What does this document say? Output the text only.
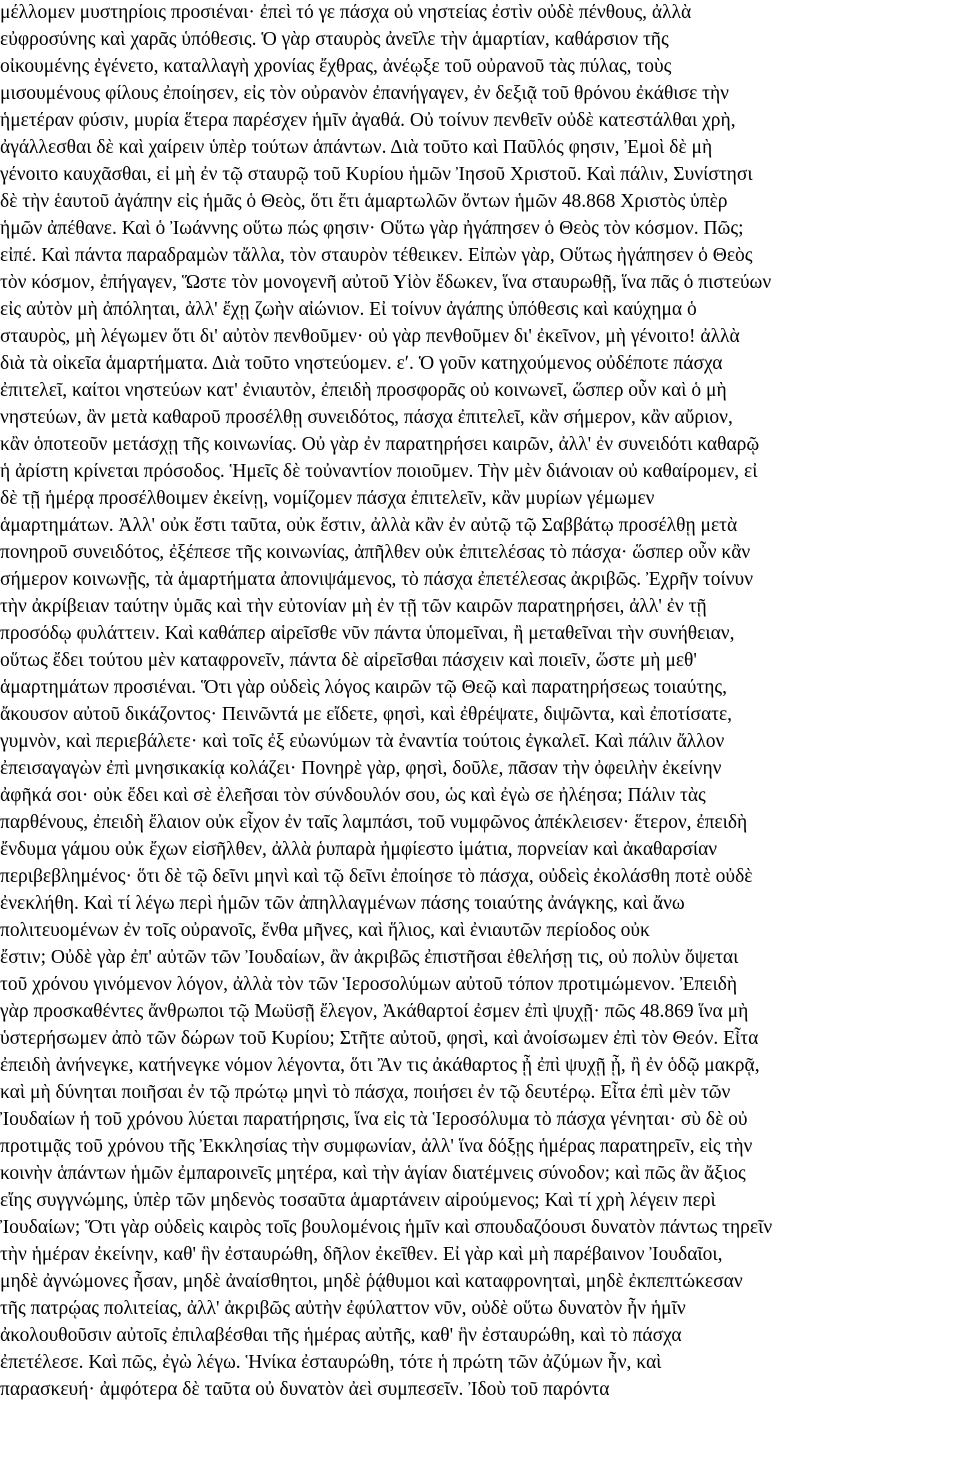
μέλλομεν μυστηρίοις προσιέναι· ἐπεὶ τό γε πάσχα οὐ νηστείας ἐστὶν οὐδὲ πένθους, ἀλλὰ
εὐφροσύνης καὶ χαρᾶς ὑπόθεσις. Ὁ γὰρ σταυρὸς ἀνεῖλε τὴν ἁμαρτίαν, καθάρσιον τῆς
οἰκουμένης ἐγένετο, καταλλαγὴ χρονίας ἔχθρας, ἀνέῳξε τοῦ οὐρανοῦ τὰς πύλας, τοὺς
μισουμένους φίλους ἐποίησεν, εἰς τὸν οὐρανὸν ἐπανήγαγεν, ἐν δεξιᾷ τοῦ θρόνου ἐκάθισε τὴν
ἡμετέραν φύσιν, μυρία ἕτερα παρέσχεν ἡμῖν ἀγαθά. Οὐ τοίνυν πενθεῖν οὐδὲ κατεστάλθαι χρὴ,
ἀγάλλεσθαι δὲ καὶ χαίρειν ὑπὲρ τούτων ἁπάντων. Διὰ τοῦτο καὶ Παῦλός φησιν, Ἐμοὶ δὲ μὴ
γένοιτο καυχᾶσθαι, εἰ μὴ ἐν τῷ σταυρῷ τοῦ Κυρίου ἡμῶν Ἰησοῦ Χριστοῦ. Καὶ πάλιν, Συνίστησι
δὲ τὴν ἑαυτοῦ ἀγάπην εἰς ἡμᾶς ὁ Θεὸς, ὅτι ἔτι ἁμαρτωλῶν ὄντων ἡμῶν 48.868 Χριστὸς ὑπὲρ
ἡμῶν ἀπέθανε. Καὶ ὁ Ἰωάννης οὕτω πώς φησιν· Οὕτω γὰρ ἠγάπησεν ὁ Θεὸς τὸν κόσμον. Πῶς;
εἰπέ. Καὶ πάντα παραδραμὼν τἄλλα, τὸν σταυρὸν τέθεικεν. Εἰπὼν γὰρ, Οὕτως ἠγάπησεν ὁ Θεὸς
τὸν κόσμον, ἐπήγαγεν, Ὥστε τὸν μονογενῆ αὐτοῦ Υἱὸν ἔδωκεν, ἵνα σταυρωθῇ, ἵνα πᾶς ὁ πιστεύων
εἰς αὐτὸν μὴ ἀπόληται, ἀλλ' ἔχῃ ζωὴν αἰώνιον. Εἰ τοίνυν ἀγάπης ὑπόθεσις καὶ καύχημα ὁ
σταυρὸς, μὴ λέγωμεν ὅτι δι' αὐτὸν πενθοῦμεν· οὐ γὰρ πενθοῦμεν δι' ἐκεῖνον, μὴ γένοιτο! ἀλλὰ
διὰ τὰ οἰκεῖα ἁμαρτήματα. Διὰ τοῦτο νηστεύομεν. εʹ. Ὁ γοῦν κατηχούμενος οὐδέποτε πάσχα
ἐπιτελεῖ, καίτοι νηστεύων κατ' ἐνιαυτὸν, ἐπειδὴ προσφορᾶς οὐ κοινωνεῖ, ὥσπερ οὖν καὶ ὁ μὴ
νηστεύων, ἂν μετὰ καθαροῦ προσέλθῃ συνειδότος, πάσχα ἐπιτελεῖ, κἂν σήμερον, κἂν αὔριον,
κἂν ὁποτεοῦν μετάσχῃ τῆς κοινωνίας. Οὐ γὰρ ἐν παρατηρήσει καιρῶν, ἀλλ' ἐν συνειδότι καθαρῷ
ἡ ἀρίστη κρίνεται πρόσοδος. Ἡμεῖς δὲ τοὐναντίον ποιοῦμεν. Τὴν μὲν διάνοιαν οὐ καθαίρομεν, εἰ
δὲ τῇ ἡμέρᾳ προσέλθοιμεν ἐκείνῃ, νομίζομεν πάσχα ἐπιτελεῖν, κἂν μυρίων γέμωμεν
ἁμαρτημάτων. Ἀλλ' οὐκ ἔστι ταῦτα, οὐκ ἔστιν, ἀλλὰ κἂν ἐν αὐτῷ τῷ Σαββάτῳ προσέλθῃ μετὰ
πονηροῦ συνειδότος, ἐξέπεσε τῆς κοινωνίας, ἀπῆλθεν οὐκ ἐπιτελέσας τὸ πάσχα· ὥσπερ οὖν κἂν
σήμερον κοινωνῇς, τὰ ἁμαρτήματα ἀπονιψάμενος, τὸ πάσχα ἐπετέλεσας ἀκριβῶς. Ἐχρῆν τοίνυν
τὴν ἀκρίβειαν ταύτην ὑμᾶς καὶ τὴν εὐτονίαν μὴ ἐν τῇ τῶν καιρῶν παρατηρήσει, ἀλλ' ἐν τῇ
προσόδῳ φυλάττειν. Καὶ καθάπερ αἱρεῖσθε νῦν πάντα ὑπομεῖναι, ἢ μεταθεῖναι τὴν συνήθειαν,
οὕτως ἔδει τούτου μὲν καταφρονεῖν, πάντα δὲ αἱρεῖσθαι πάσχειν καὶ ποιεῖν, ὥστε μὴ μεθ'
ἁμαρτημάτων προσιέναι. Ὅτι γὰρ οὐδεὶς λόγος καιρῶν τῷ Θεῷ καὶ παρατηρήσεως τοιαύτης,
ἄκουσον αὐτοῦ δικάζοντος· Πεινῶντά με εἴδετε, φησὶ, καὶ ἐθρέψατε, διψῶντα, καὶ ἐποτίσατε,
γυμνὸν, καὶ περιεβάλετε· καὶ τοῖς ἐξ εὐωνύμων τὰ ἐναντία τούτοις ἐγκαλεῖ. Καὶ πάλιν ἄλλον
ἐπεισαγαγὼν ἐπὶ μνησικακίᾳ κολάζει· Πονηρὲ γὰρ, φησὶ, δοῦλε, πᾶσαν τὴν ὀφειλὴν ἐκείνην
ἀφῆκά σοι· οὐκ ἔδει καὶ σὲ ἐλεῆσαι τὸν σύνδουλόν σου, ὡς καὶ ἐγὼ σε ἠλέησα; Πάλιν τὰς
παρθένους, ἐπειδὴ ἔλαιον οὐκ εἶχον ἐν ταῖς λαμπάσι, τοῦ νυμφῶνος ἀπέκλεισεν· ἕτερον, ἐπειδὴ
ἔνδυμα γάμου οὐκ ἔχων εἰσῆλθεν, ἀλλὰ ῥυπαρὰ ἠμφίεστο ἱμάτια, πορνείαν καὶ ἀκαθαρσίαν
περιβεβλημένος· ὅτι δὲ τῷ δεῖνι μηνὶ καὶ τῷ δεῖνι ἐποίησε τὸ πάσχα, οὐδεὶς ἐκολάσθη ποτὲ οὐδὲ
ἐνεκλήθη. Καὶ τί λέγω περὶ ἡμῶν τῶν ἀπηλλαγμένων πάσης τοιαύτης ἀνάγκης, καὶ ἄνω
πολιτευομένων ἐν τοῖς οὐρανοῖς, ἔνθα μῆνες, καὶ ἥλιος, καὶ ἐνιαυτῶν περίοδος οὐκ
ἔστιν; Οὐδὲ γὰρ ἐπ' αὐτῶν τῶν Ἰουδαίων, ἂν ἀκριβῶς ἐπιστῆσαι ἐθελήσῃ τις, οὐ πολὺν ὄψεται
τοῦ χρόνου γινόμενον λόγον, ἀλλὰ τὸν τῶν Ἱεροσολύμων αὐτοῦ τόπον προτιμώμενον. Ἐπειδὴ
γὰρ προσκαθέντες ἄνθρωποι τῷ Μωϋσῇ ἔλεγον, Ἀκάθαρτοί ἐσμεν ἐπὶ ψυχῇ· πῶς 48.869 ἵνα μὴ
ὑστερήσωμεν ἀπὸ τῶν δώρων τοῦ Κυρίου; Στῆτε αὐτοῦ, φησὶ, καὶ ἀνοίσωμεν ἐπὶ τὸν Θεόν. Εἶτα
ἐπειδὴ ἀνήνεγκε, κατήνεγκε νόμον λέγοντα, ὅτι Ἂν τις ἀκάθαρτος ᾖ ἐπὶ ψυχῇ ᾖ, ἢ ἐν ὁδῷ μακρᾷ,
καὶ μὴ δύνηται ποιῆσαι ἐν τῷ πρώτῳ μηνὶ τὸ πάσχα, ποιήσει ἐν τῷ δευτέρῳ. Εἶτα ἐπὶ μὲν τῶν
Ἰουδαίων ἡ τοῦ χρόνου λύεται παρατήρησις, ἵνα εἰς τὰ Ἱεροσόλυμα τὸ πάσχα γένηται· σὺ δὲ οὐ
προτιμᾷς τοῦ χρόνου τῆς Ἐκκλησίας τὴν συμφωνίαν, ἀλλ' ἵνα δόξῃς ἡμέρας παρατηρεῖν, εἰς τὴν
κοινὴν ἁπάντων ἡμῶν ἐμπαροινεῖς μητέρα, καὶ τὴν ἁγίαν διατέμνεις σύνοδον; καὶ πῶς ἂν ἄξιος
εἴης συγγνώμης, ὑπὲρ τῶν μηδενὸς τοσαῦτα ἁμαρτάνειν αἱρούμενος; Καὶ τί χρὴ λέγειν περὶ
Ἰουδαίων; Ὅτι γὰρ οὐδεὶς καιρὸς τοῖς βουλομένοις ἡμῖν καὶ σπουδαζόουσι δυνατὸν πάντως τηρεῖν
τὴν ἡμέραν ἐκείνην, καθ' ἣν ἐσταυρώθη, δῆλον ἐκεῖθεν. Εἰ γὰρ καὶ μὴ παρέβαινον Ἰουδαῖοι,
μηδὲ ἀγνώμονες ἦσαν, μηδὲ ἀναίσθητοι, μηδὲ ῥᾴθυμοι καὶ καταφρονηταὶ, μηδὲ ἐκπεπτώκεσαν
τῆς πατρῴας πολιτείας, ἀλλ' ἀκριβῶς αὐτὴν ἐφύλαττον νῦν, οὐδὲ οὕτω δυνατὸν ἦν ἡμῖν
ἀκολουθοῦσιν αὐτοῖς ἐπιλαβέσθαι τῆς ἡμέρας αὐτῆς, καθ' ἣν ἐσταυρώθη, καὶ τὸ πάσχα
ἐπετέλεσε. Καὶ πῶς, ἐγὼ λέγω. Ἡνίκα ἐσταυρώθη, τότε ἡ πρώτη τῶν ἀζύμων ἦν, καὶ
παρασκευή· ἀμφότερα δὲ ταῦτα οὐ δυνατὸν ἀεὶ συμπεσεῖν. Ἰδοὺ τοῦ παρόντα
